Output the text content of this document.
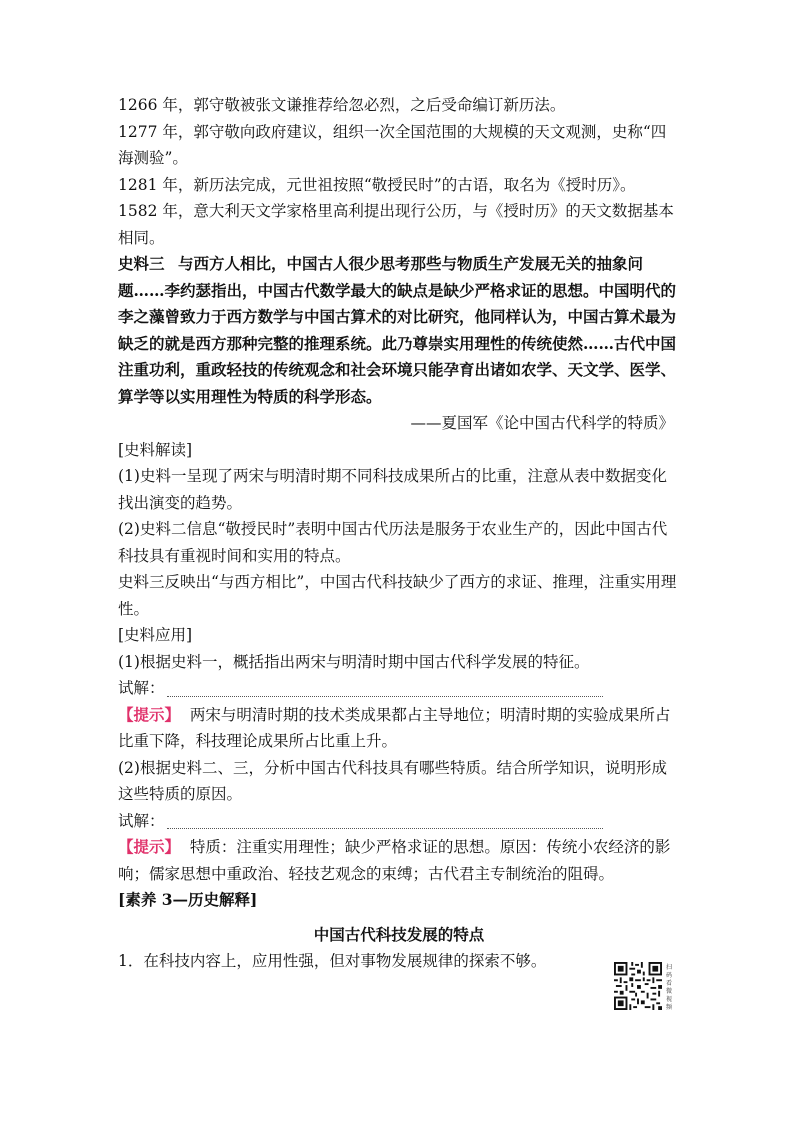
1266 年，郭守敬被张文谦推荐给忽必烈，之后受命编订新历法。

1277 年，郭守敬向政府建议，组织一次全国范围的大规模的天文观测，史称“四海测验”。

1281 年，新历法完成，元世祖按照“敬授民时”的古语，取名为《授时历》。

1582 年，意大利天文学家格里高利提出现行公历，与《授时历》的天文数据基本相同。

史料三 与西方人相比，中国古人很少思考那些与物质生产发展无关的抽象问题……李约瑟指出，中国古代数学最大的缺点是缺少严格求证的思想。中国明代的李之藻曾致力于西方数学与中国古算术的对比研究，他同样认为，中国古算术最为缺乏的就是西方那种完整的推理系统。此乃尊崇实用理性的传统使然……古代中国注重功利，重政轻技的传统观念和社会环境只能孕育出诸如农学、天文学、医学、算学等以实用理性为特质的科学形态。

——夏国军《论中国古代科学的特质》

[史料解读]

(1)史料一呈现了两宋与明清时期不同科技成果所占的比重，注意从表中数据变化找出演变的趋势。

(2)史料二信息“敬授民时”表明中国古代历法是服务于农业生产的，因此中国古代科技具有重视时间和实用的特点。

史料三反映出“与西方相比”，中国古代科技缺少了西方的求证、推理，注重实用理性。

[史料应用]

(1)根据史料一，概括指出两宋与明清时期中国古代科学发展的特征。

试解：

【提示】 两宋与明清时期的技术类成果都占主导地位；明清时期的实验成果所占比重下降，科技理论成果所占比重上升。

(2)根据史料二、三，分析中国古代科技具有哪些特质。结合所学知识，说明形成这些特质的原因。

试解：

【提示】 特质：注重实用理性；缺少严格求证的思想。原因：传统小农经济的影响；儒家思想中重政治、轻技艺观念的束缚；古代君主专制统治的阻碍。

[素养 3—历史解释]

中国古代科技发展的特点

1．在科技内容上，应用性强，但对事物发展规律的探索不够。	扫码看微视频
